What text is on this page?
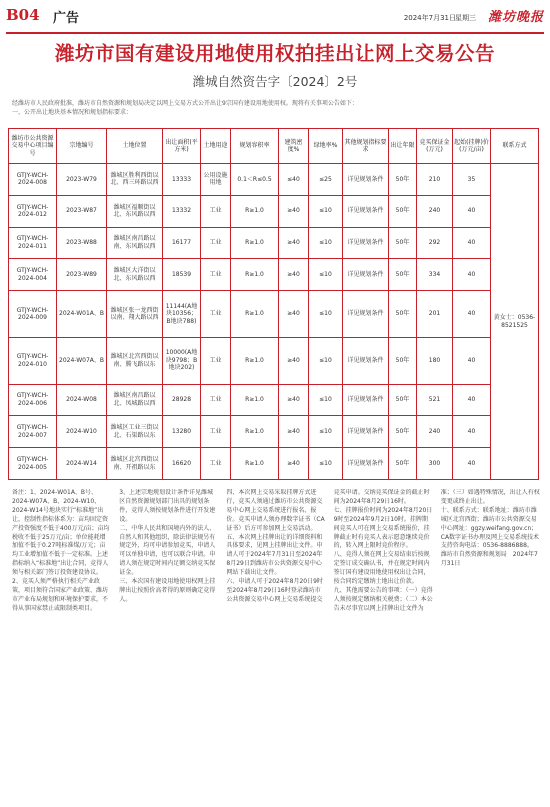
B04 广告	2024年7月31日 星期三 潍坊晚报
潍坊市国有建设用地使用权拍挂出让网上交易公告
潍城自然资告字〔2024〕2号
经潍坊市人民政府批准，潍坊市自然资源和规划局决定以网上交易方式公开出让9宗国有建设用地使用权。现将有关事项公告如下：
一、公开出让地块基本情况和规划指标要求：
潍坊市公共资源交易中心项目编号	宗地编号	土地位置	出让面积(平方米)	土地用途	规划容积率	建筑密度%	绿地率%	其他规划指标要求	出让年限	竞买保证金(万元)	起始(挂牌)价(万元/亩)	联系方式
GTJY-WCH-2024-008	2023-W79	潍城区胜利西街以北、西三环路以西	13333	公用设施用地	0.1＜R≤0.5	≤40	≤25	详见规划条件	50年	210	35	黄女士：0536-8521525
GTJY-WCH-2024-012	2023-W87	潍城区福顺街以北、东风路以西	13332	工业	R≥1.0	≥40	≤10	详见规划条件	50年	240	40	
GTJY-WCH-2024-011	2023-W88	潍城区南昌路以南、东风路以西	16177	工业	R≥1.0	≥40	≤10	详见规划条件	50年	292	40	
GTJY-WCH-2024-004	2023-W89	潍城区大洋街以北、东风路以西	18539	工业	R≥1.0	≥40	≤10	详见规划条件	50年	334	40	
GTJY-WCH-2024-009	2024-W01A、B	潍城区张一龙西街以南、翔大路以西	11144(A地块10356；B地块788)	工业	R≥1.0	≥40	≤10	详见规划条件	50年	201	40	
GTJY-WCH-2024-010	2024-W07A、B	潍城区北宫西街以南、腾飞路以东	10000(A地块9798；B地块202)	工业	R≥1.0	≥40	≤10	详见规划条件	50年	180	40	
GTJY-WCH-2024-006	2024-W08	潍城区南昌路以北、凤城路以西	28928	工业	R≥1.0	≥40	≤10	详见规划条件	50年	521	40	
GTJY-WCH-2024-007	2024-W10	潍城区工业三街以北、石渠路以东	13280	工业	R≥1.0	≥40	≤10	详见规划条件	50年	240	40	
GTJY-WCH-2024-005	2024-W14	潍城区北宫西街以南、开祖路以东	16620	工业	R≥1.0	≥40	≤10	详见规划条件	50年	300	40	

备注：1、2024-W01A、B号、2024-W07A、B、2024-W10、2024-W14号地块实行“标准地”出让，控制性指标体系为：亩均固定资产投资强度不低于400万元/亩；亩均税收不低于25万元/亩；单位能耗增加值不低于0.27吨标准煤/万元；亩均工业增加值不低于一定标准。上述指标纳入“标准地”出让合同，竞得人须与相关部门签订投资建设协议。

2、竞买人须严格执行相关产业政策，项目须符合国家产业政策、潍坊市产业布局规划和环境保护要求，不得从事国家禁止或限制类项目。

3、上述宗地规划设计条件详见潍城区自然资源规划部门出具的规划条件，竞得人须按规划条件进行开发建设。

二、中华人民共和国境内外的法人、自然人和其他组织，除法律法规另有规定外，均可申请参加竞买，申请人可以单独申请，也可以联合申请。申请人须在规定时间内足额交纳竞买保证金。

三、本次国有建设用地使用权网上挂牌出让按照价高者得的原则确定竞得人。

四、本次网上交易采取挂牌方式进行，竞买人须通过潍坊市公共资源交易中心网上交易系统进行报名、报价。竞买申请人须办理数字证书（CA证书）后方可参加网上交易活动。

五、本次网上挂牌出让的详细资料和具体要求，见网上挂牌出让文件。申请人可于2024年7月31日至2024年8月29日到潍坊市公共资源交易中心网站下载出让文件。

六、申请人可于2024年8月20日9时至2024年8月29日16时登录潍坊市公共资源交易中心网上交易系统提交竞买申请。交纳竞买保证金的截止时间为2024年8月29日16时。

七、挂牌报价时间为2024年8月20日9时至2024年9月2日10时。挂牌期间竞买人可在网上交易系统报价，挂牌截止时有竞买人表示愿意继续竞价的，转入网上限时竞价程序。

八、竞得人须在网上交易结束后按规定签订成交确认书，并在规定时间内签订国有建设用地使用权出让合同，按合同约定缴纳土地出让价款。

九、其他需要公告的事项：（一）竞得人须按规定缴纳相关税费；（二）本公告未尽事宜以网上挂牌出让文件为准；（三）如遇特殊情况，出让人有权变更或终止出让。

十、联系方式：联系地址：潍坊市潍城区北宫西街；潍坊市公共资源交易中心网址：ggzy.weifang.gov.cn；CA数字证书办理及网上交易系统技术支持咨询电话：0536-8886888。

潍坊市自然资源和规划局　2024年7月31日
